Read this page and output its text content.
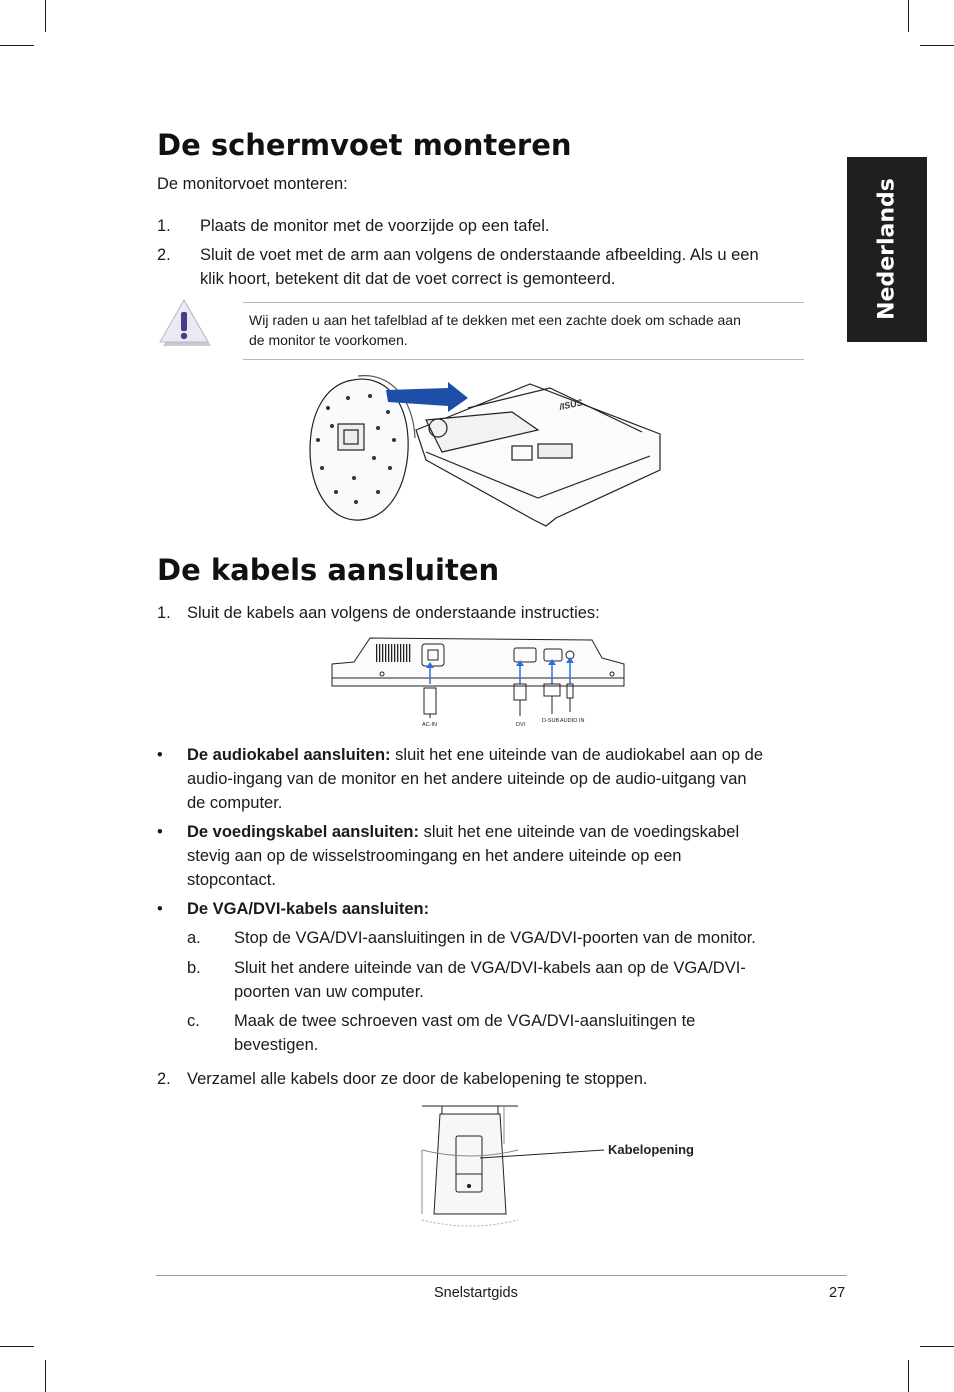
Nederlands
De schermvoet monteren
De monitorvoet monteren:
1. Plaats de monitor met de voorzijde op een tafel.
2. Sluit de voet met de arm aan volgens de onderstaande afbeelding. Als u een
klik hoort, betekent dit dat de voet correct is gemonteerd.
Wij raden u aan het tafelblad af te dekken met een zachte doek om schade aan
de monitor te voorkomen.
/ISUS
De kabels aansluiten
1. Sluit de kabels aan volgens de onderstaande instructies:
AC-IN	DVI
D-SUB AUDIO IN
• De audiokabel aansluiten: sluit het ene uiteinde van de audiokabel aan op de
audio-ingang van de monitor en het andere uiteinde op de audio-uitgang van
de computer.
• De voedingskabel aansluiten: sluit het ene uiteinde van de voedingskabel
stevig aan op de wisselstroomingang en het andere uiteinde op een
stopcontact.
• De VGA/DVI-kabels aansluiten:
a. Stop de VGA/DVI-aansluitingen in de VGA/DVI-poorten van de monitor.
b. Sluit het andere uiteinde van de VGA/DVI-kabels aan op de VGA/DVI-
poorten van uw computer.
c. Maak de twee schroeven vast om de VGA/DVI-aansluitingen te
bevestigen.
2. Verzamel alle kabels door ze door de kabelopening te stoppen.
Kabelopening
Snelstartgids	27
